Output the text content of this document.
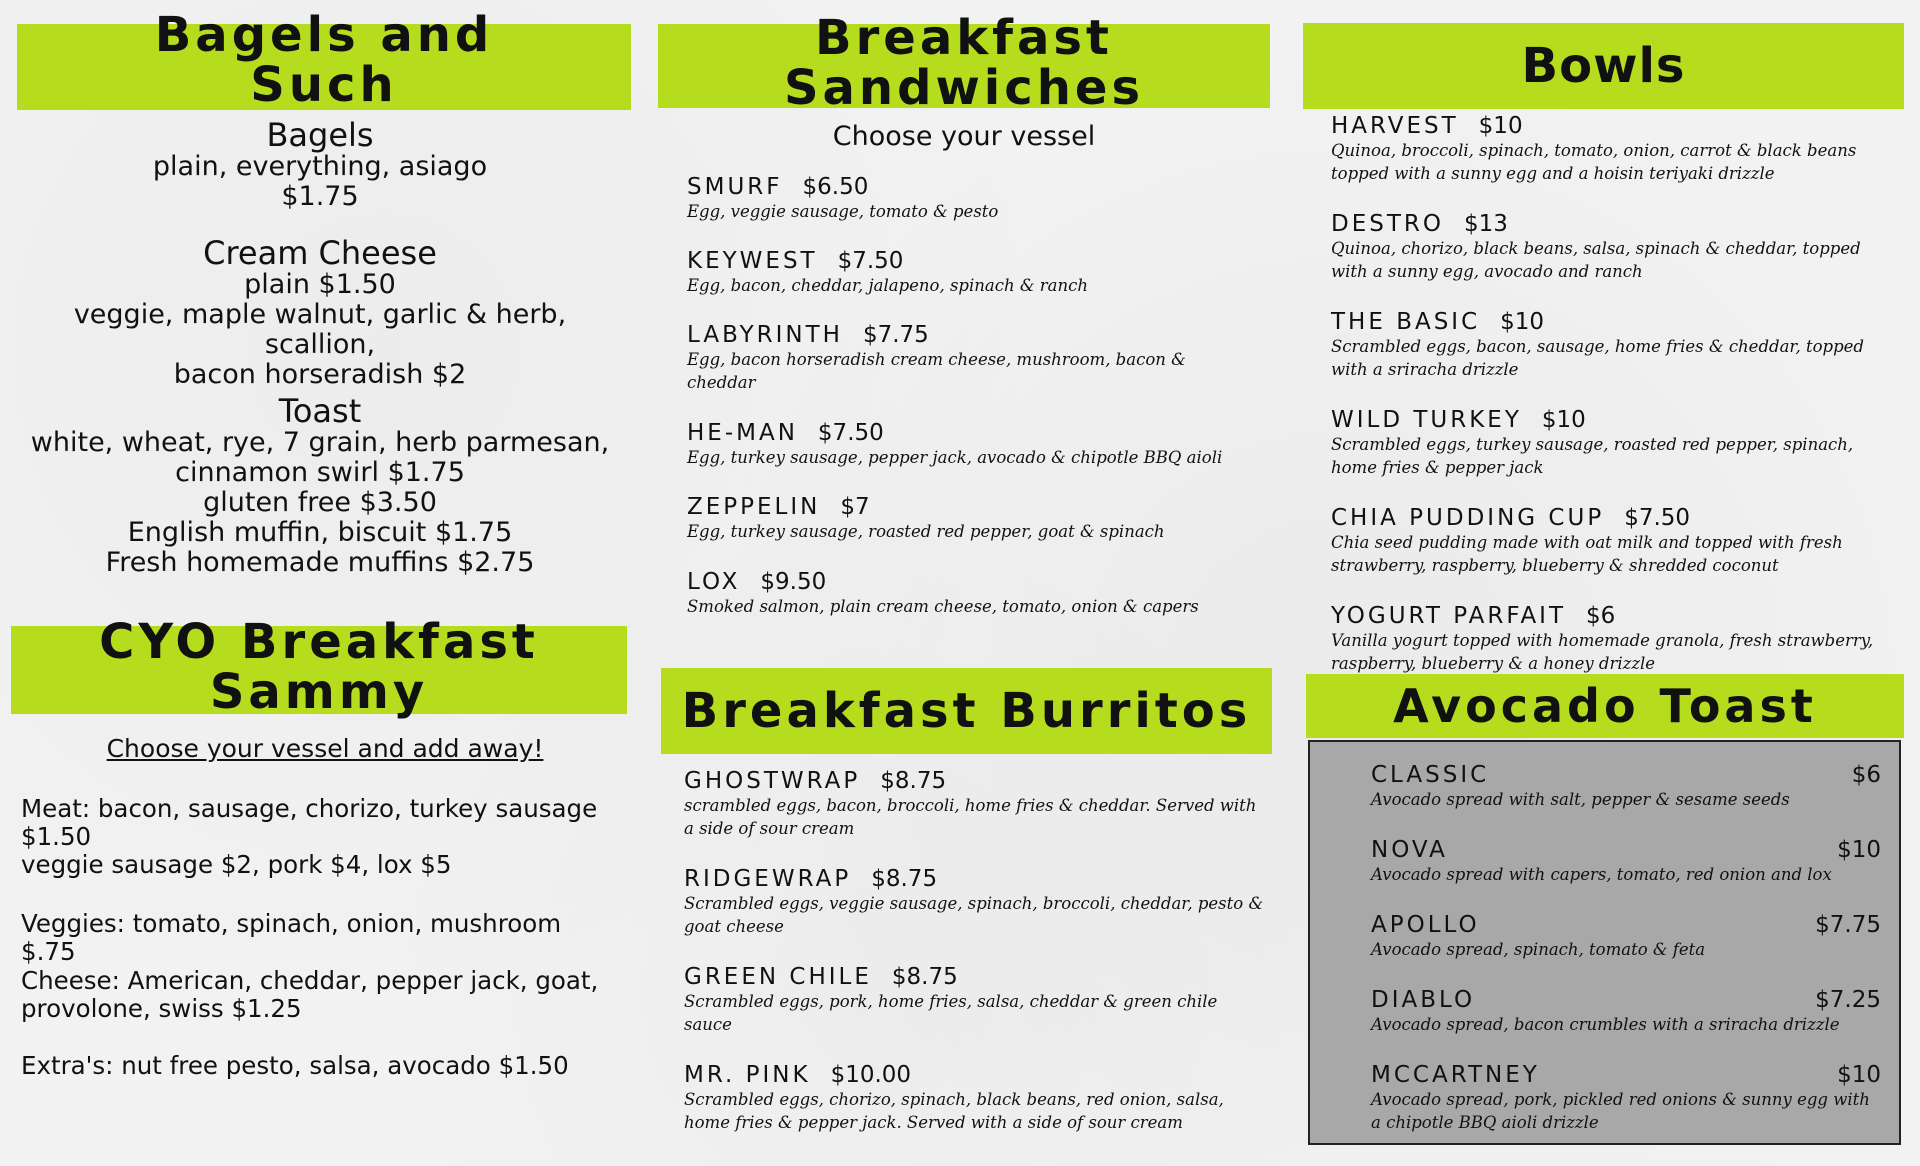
Bagels and
Such
Bagels
plain, everything, asiago
$1.75
Cream Cheese
plain $1.50
veggie, maple walnut, garlic & herb, scallion,
bacon horseradish $2
Toast
white, wheat, rye, 7 grain, herb parmesan,
cinnamon swirl $1.75
gluten free $3.50
English muffin, biscuit $1.75
Fresh homemade muffins $2.75
CYO Breakfast
Sammy
Choose your vessel and add away!
Meat: bacon, sausage, chorizo, turkey sausage
$1.50
veggie sausage $2, pork $4, lox $5
Veggies: tomato, spinach, onion, mushroom $.75
Cheese: American, cheddar, pepper jack, goat,
provolone, swiss $1.25
Extra's: nut free pesto, salsa, avocado $1.50
Breakfast
Sandwiches
Choose your vessel
SMURF $6.50
Egg, veggie sausage, tomato & pesto
KEYWEST $7.50
Egg, bacon, cheddar, jalapeno, spinach & ranch
LABYRINTH $7.75
Egg, bacon horseradish cream cheese, mushroom, bacon & cheddar
HE-MAN $7.50
Egg, turkey sausage, pepper jack, avocado & chipotle BBQ aioli
ZEPPELIN $7
Egg, turkey sausage, roasted red pepper, goat & spinach
LOX $9.50
Smoked salmon, plain cream cheese, tomato, onion & capers
Breakfast Burritos
GHOSTWRAP $8.75
scrambled eggs, bacon, broccoli, home fries & cheddar. Served with a side of sour cream
RIDGEWRAP $8.75
Scrambled eggs, veggie sausage, spinach, broccoli, cheddar, pesto & goat cheese
GREEN CHILE $8.75
Scrambled eggs, pork, home fries, salsa, cheddar & green chile sauce
MR. PINK $10.00
Scrambled eggs, chorizo, spinach, black beans, red onion, salsa, home fries & pepper jack. Served with a side of sour cream
Bowls
HARVEST $10
Quinoa, broccoli, spinach, tomato, onion, carrot & black beans topped with a sunny egg and a hoisin teriyaki drizzle
DESTRO $13
Quinoa, chorizo, black beans, salsa, spinach & cheddar, topped with a sunny egg, avocado and ranch
THE BASIC $10
Scrambled eggs, bacon, sausage, home fries & cheddar, topped with a sriracha drizzle
WILD TURKEY $10
Scrambled eggs, turkey sausage, roasted red pepper, spinach, home fries & pepper jack
CHIA PUDDING CUP $7.50
Chia seed pudding made with oat milk and topped with fresh strawberry, raspberry, blueberry & shredded coconut
YOGURT PARFAIT $6
Vanilla yogurt topped with homemade granola, fresh strawberry, raspberry, blueberry & a honey drizzle
Avocado Toast
CLASSIC	$6
Avocado spread with salt, pepper & sesame seeds
NOVA	$10
Avocado spread with capers, tomato, red onion and lox
APOLLO	$7.75
Avocado spread, spinach, tomato & feta
DIABLO	$7.25
Avocado spread, bacon crumbles with a sriracha drizzle
MCCARTNEY	$10
Avocado spread, pork, pickled red onions & sunny egg with a chipotle BBQ aioli drizzle
